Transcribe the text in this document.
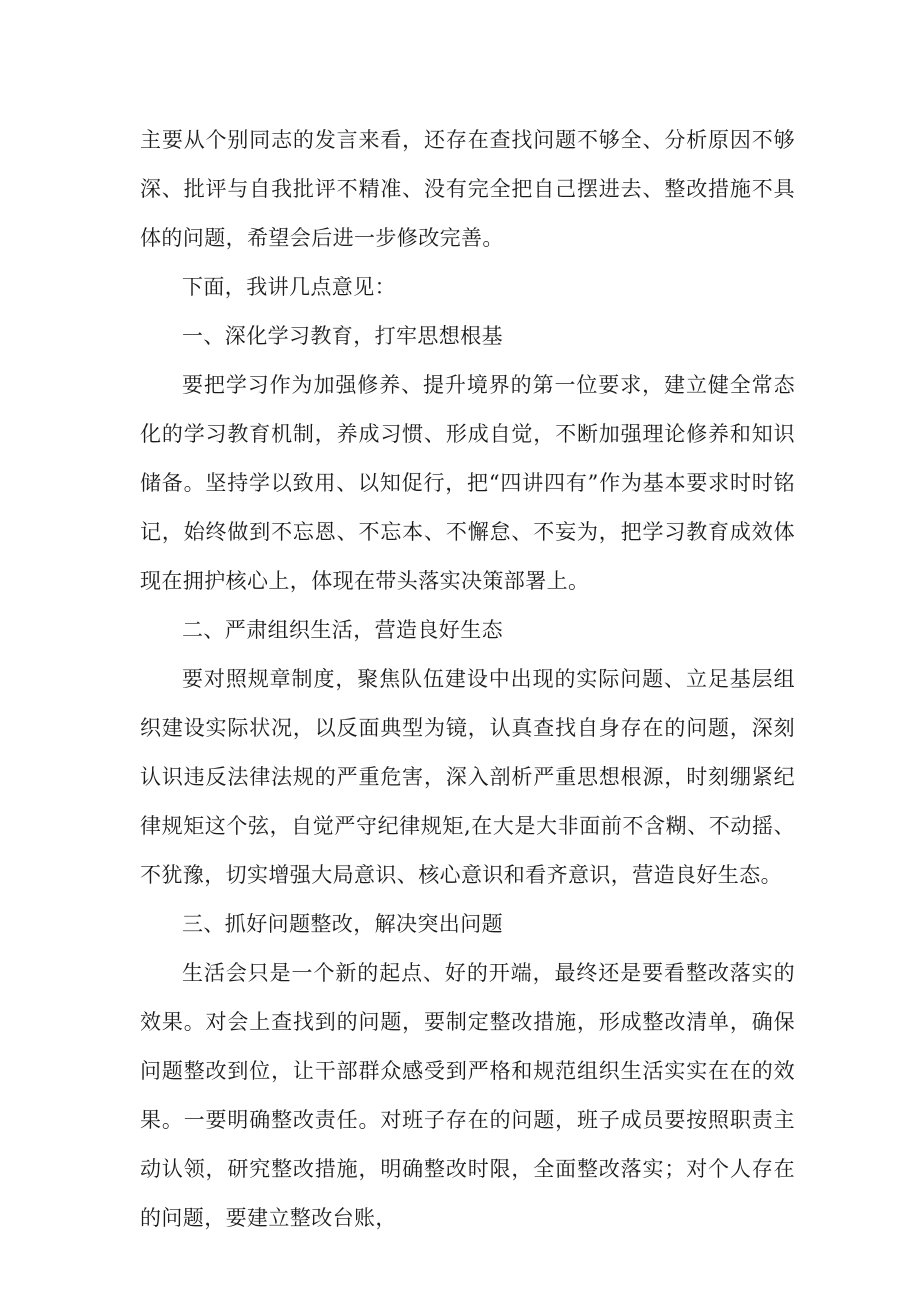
主要从个别同志的发言来看，还存在查找问题不够全、分析原因不够深、批评与自我批评不精准、没有完全把自己摆进去、整改措施不具体的问题，希望会后进一步修改完善。

下面，我讲几点意见：

一、深化学习教育，打牢思想根基

要把学习作为加强修养、提升境界的第一位要求，建立健全常态化的学习教育机制，养成习惯、形成自觉，不断加强理论修养和知识储备。坚持学以致用、以知促行，把“四讲四有”作为基本要求时时铭记，始终做到不忘恩、不忘本、不懈怠、不妄为，把学习教育成效体现在拥护核心上，体现在带头落实决策部署上。

二、严肃组织生活，营造良好生态

要对照规章制度，聚焦队伍建设中出现的实际问题、立足基层组织建设实际状况，以反面典型为镜，认真查找自身存在的问题，深刻认识违反法律法规的严重危害，深入剖析严重思想根源，时刻绷紧纪律规矩这个弦，自觉严守纪律规矩,在大是大非面前不含糊、不动摇、不犹豫，切实增强大局意识、核心意识和看齐意识，营造良好生态。

三、抓好问题整改，解决突出问题

生活会只是一个新的起点、好的开端，最终还是要看整改落实的效果。对会上查找到的问题，要制定整改措施，形成整改清单，确保问题整改到位，让干部群众感受到严格和规范组织生活实实在在的效果。一要明确整改责任。对班子存在的问题，班子成员要按照职责主动认领，研究整改措施，明确整改时限，全面整改落实；对个人存在的问题，要建立整改台账，
